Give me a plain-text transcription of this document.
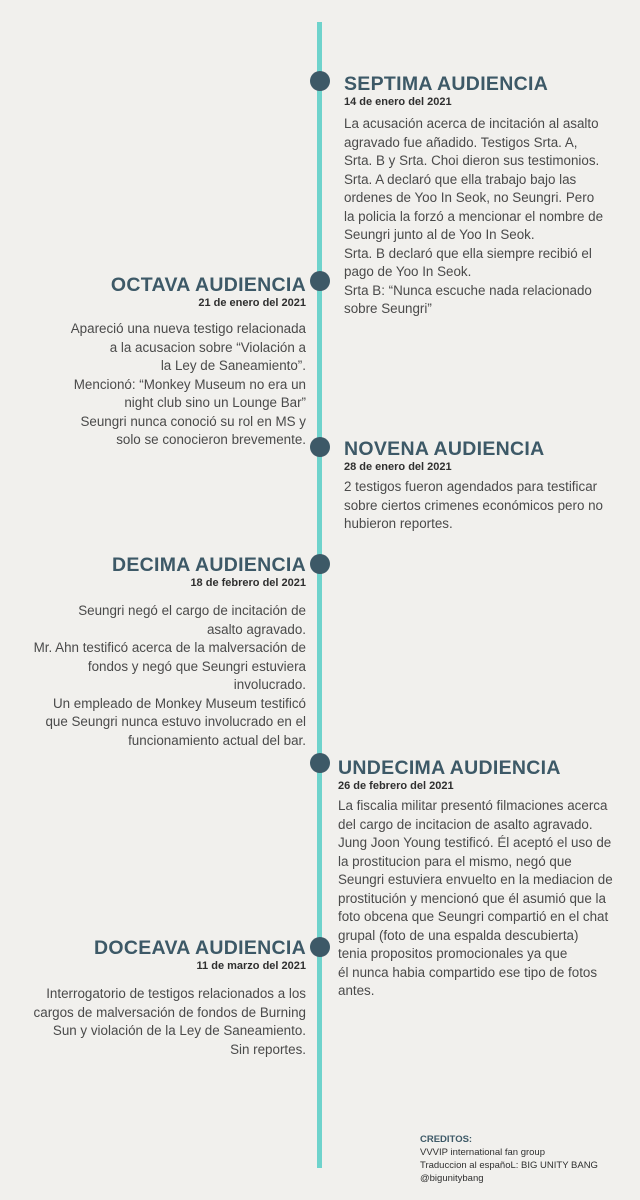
SEPTIMA AUDIENCIA
14 de enero del 2021
La acusación acerca de incitación al asalto
agravado fue añadido. Testigos Srta. A,
Srta. B y Srta. Choi dieron sus testimonios.
Srta. A declaró que ella trabajo bajo las
ordenes de Yoo In Seok, no Seungri. Pero
la policia la forzó a mencionar el nombre de
Seungri junto al de Yoo In Seok.
Srta. B declaró que ella siempre recibió el
pago de Yoo In Seok.
Srta B: “Nunca escuche nada relacionado
sobre Seungri”
OCTAVA AUDIENCIA
21 de enero del 2021
Apareció una nueva testigo relacionada
a la acusacion sobre “Violación a
la Ley de Saneamiento”.
Mencionó: “Monkey Museum no era un
night club sino un Lounge Bar”
Seungri nunca conoció su rol en MS y
solo se conocieron brevemente. NOVENA AUDIENCIA
28 de enero del 2021
2 testigos fueron agendados para testificar
sobre ciertos crimenes económicos pero no
hubieron reportes.
DECIMA AUDIENCIA
18 de febrero del 2021
Seungri negó el cargo de incitación de
asalto agravado.
Mr. Ahn testificó acerca de la malversación de
fondos y negó que Seungri estuviera
involucrado.
Un empleado de Monkey Museum testificó
que Seungri nunca estuvo involucrado en el
funcionamiento actual del bar.
UNDECIMA AUDIENCIA
26 de febrero del 2021
La fiscalia militar presentó filmaciones acerca
del cargo de incitacion de asalto agravado.
Jung Joon Young testificó. Él aceptó el uso de
la prostitucion para el mismo, negó que
Seungri estuviera envuelto en la mediacion de
prostitución y mencionó que él asumió que la
foto obcena que Seungri compartió en el chat
grupal (foto de una espalda descubierta)
tenia propositos promocionales ya que
él nunca habia compartido ese tipo de fotos
antes.
DOCEAVA AUDIENCIA
11 de marzo del 2021
Interrogatorio de testigos relacionados a los
cargos de malversación de fondos de Burning
Sun y violación de la Ley de Saneamiento.
Sin reportes.
CREDITOS:
VVVIP international fan group
Traduccion al españoL: BIG UNITY BANG
@bigunitybang
